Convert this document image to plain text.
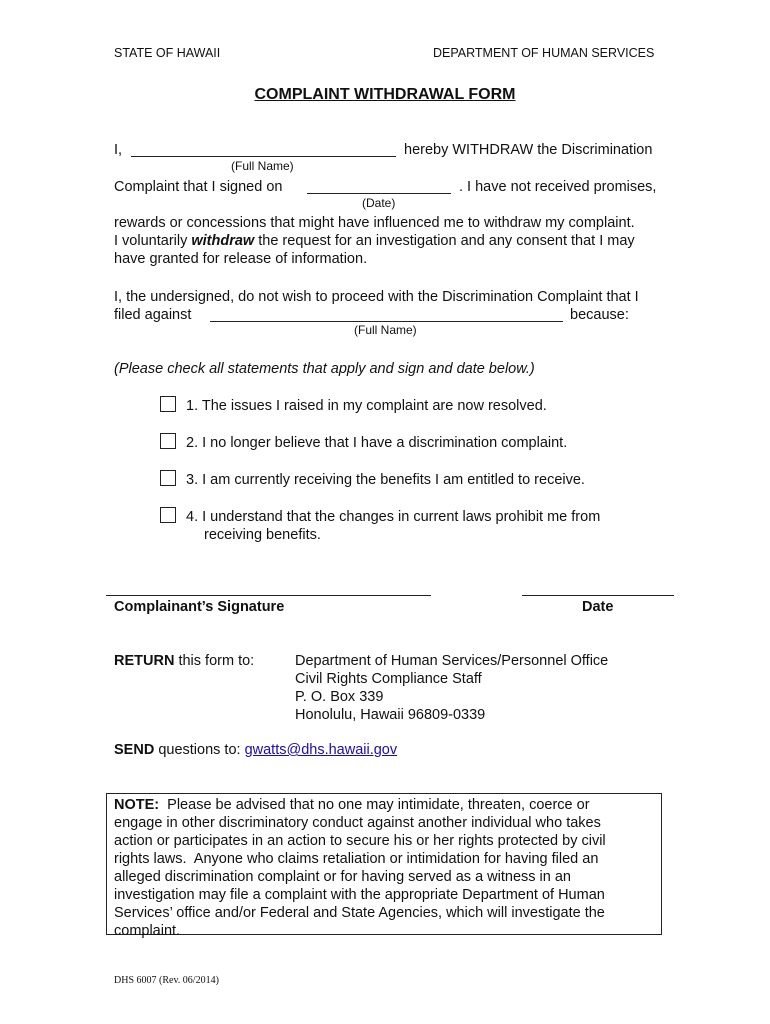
STATE OF HAWAII	DEPARTMENT OF HUMAN SERVICES
COMPLAINT WITHDRAWAL FORM
I,	hereby WITHDRAW the Discrimination
(Full Name)
Complaint that I signed on	. I have not received promises,
(Date)
rewards or concessions that might have influenced me to withdraw my complaint.
I voluntarily withdraw the request for an investigation and any consent that I may
have granted for release of information.
I, the undersigned, do not wish to proceed with the Discrimination Complaint that I
filed against	because:
(Full Name)
(Please check all statements that apply and sign and date below.)
1. The issues I raised in my complaint are now resolved.
2. I no longer believe that I have a discrimination complaint.
3. I am currently receiving the benefits I am entitled to receive.
4. I understand that the changes in current laws prohibit me from
receiving benefits.
Complainant’s Signature	Date
RETURN this form to:	Department of Human Services/Personnel Office
Civil Rights Compliance Staff
P. O. Box 339
Honolulu, Hawaii 96809-0339
SEND questions to: gwatts@dhs.hawaii.gov
NOTE:  Please be advised that no one may intimidate, threaten, coerce or
engage in other discriminatory conduct against another individual who takes
action or participates in an action to secure his or her rights protected by civil
rights laws.  Anyone who claims retaliation or intimidation for having filed an
alleged discrimination complaint or for having served as a witness in an
investigation may file a complaint with the appropriate Department of Human
Services’ office and/or Federal and State Agencies, which will investigate the
complaint.
DHS 6007 (Rev. 06/2014)
